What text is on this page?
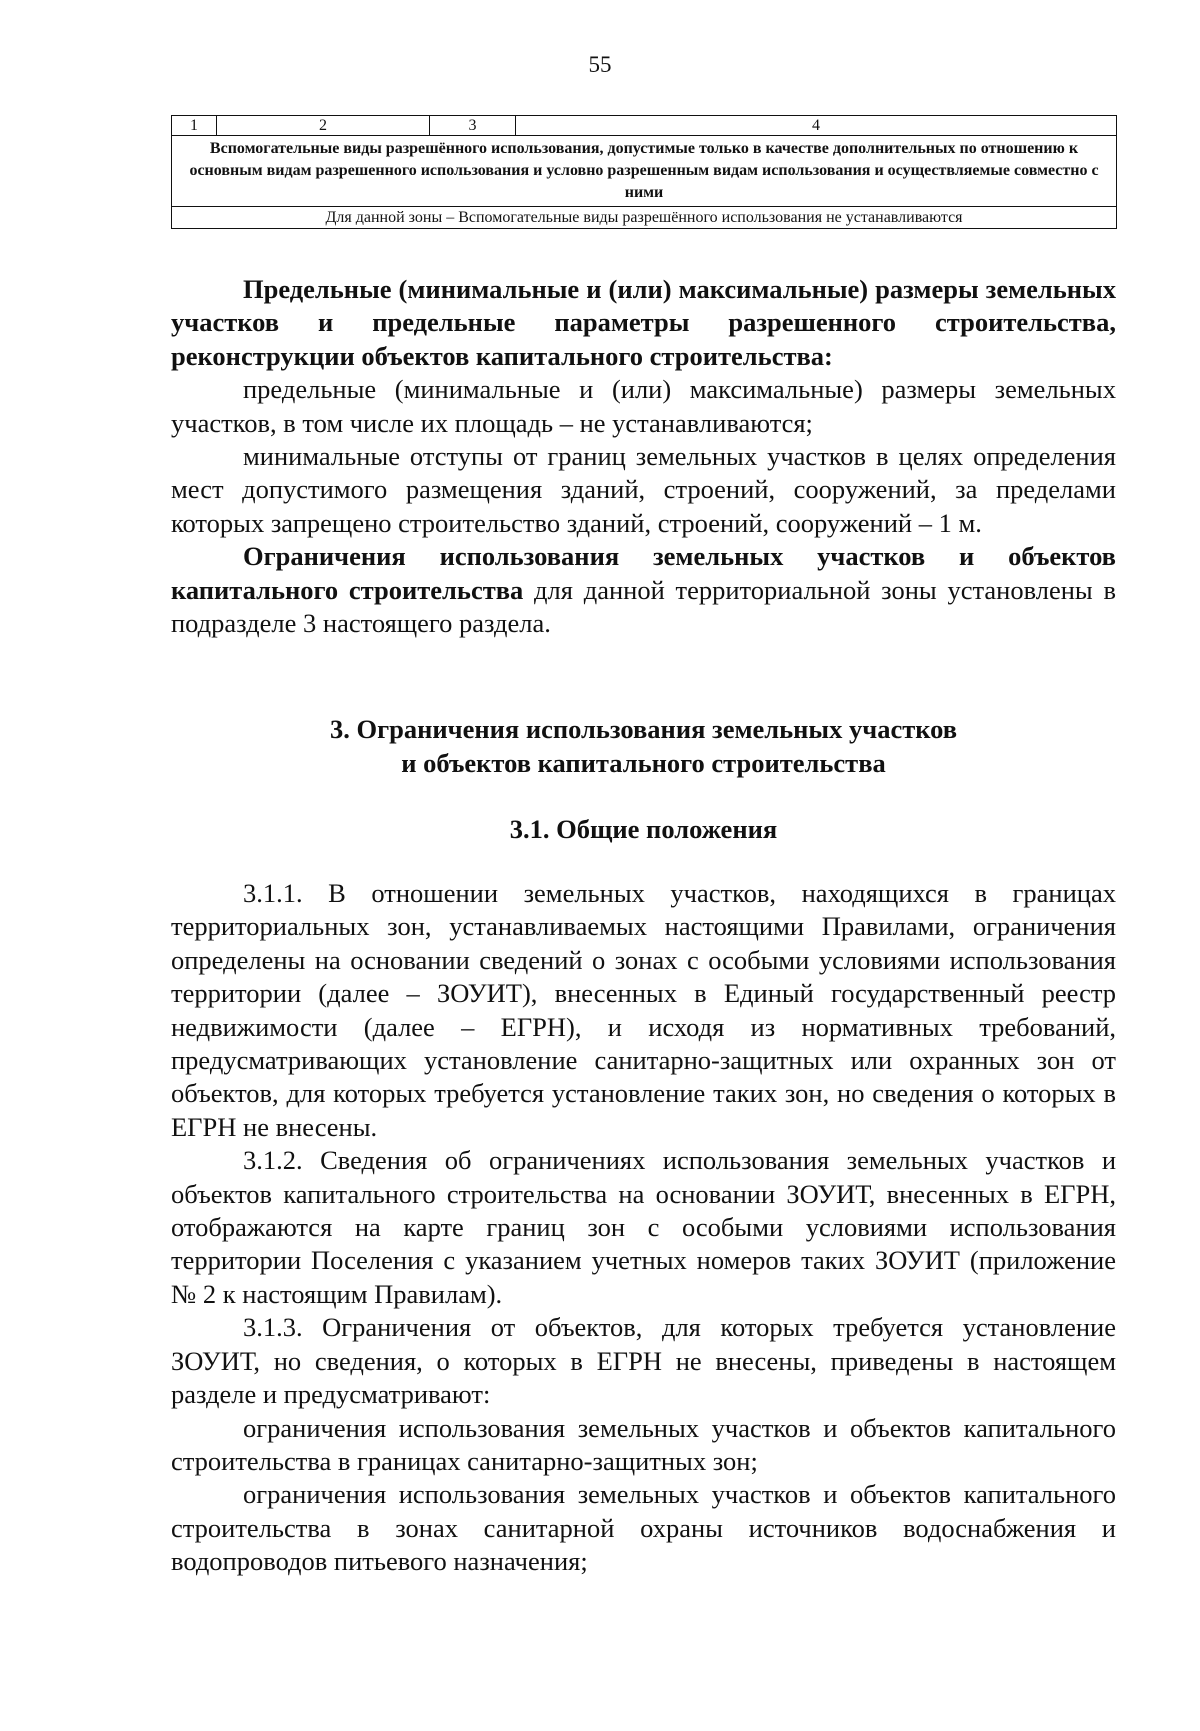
55
1	2	3	4
Вспомогательные виды разрешённого использования, допустимые только в качестве дополнительных по отношению к основным видам разрешенного использования и условно разрешенным видам использования и осуществляемые совместно с ними
Для данной зоны – Вспомогательные виды разрешённого использования не устанавливаются

Предельные (минимальные и (или) максимальные) размеры земельных участков и предельные параметры разрешенного строительства, реконструкции объектов капитального строительства:

предельные (минимальные и (или) максимальные) размеры земельных участков, в том числе их площадь – не устанавливаются;

минимальные отступы от границ земельных участков в целях определения мест допустимого размещения зданий, строений, сооружений, за пределами которых запрещено строительство зданий, строений, сооружений – 1 м.

Ограничения использования земельных участков и объектов капитального строительства для данной территориальной зоны установлены в подразделе 3 настоящего раздела.

3. Ограничения использования земельных участков
и объектов капитального строительства
3.1. Общие положения

3.1.1. В отношении земельных участков, находящихся в границах территориальных зон, устанавливаемых настоящими Правилами, ограничения определены на основании сведений о зонах с особыми условиями использования территории (далее – ЗОУИТ), внесенных в Единый государственный реестр недвижимости (далее – ЕГРН), и исходя из нормативных требований, предусматривающих установление санитарно-защитных или охранных зон от объектов, для которых требуется установление таких зон, но сведения о которых в ЕГРН не внесены.

3.1.2. Сведения об ограничениях использования земельных участков и объектов капитального строительства на основании ЗОУИТ, внесенных в ЕГРН, отображаются на карте границ зон с особыми условиями использования территории Поселения с указанием учетных номеров таких ЗОУИТ (приложение № 2 к настоящим Правилам).

3.1.3. Ограничения от объектов, для которых требуется установление ЗОУИТ, но сведения, о которых в ЕГРН не внесены, приведены в настоящем разделе и предусматривают:

ограничения использования земельных участков и объектов капитального строительства в границах санитарно-защитных зон;

ограничения использования земельных участков и объектов капитального строительства в зонах санитарной охраны источников водоснабжения и водопроводов питьевого назначения;
